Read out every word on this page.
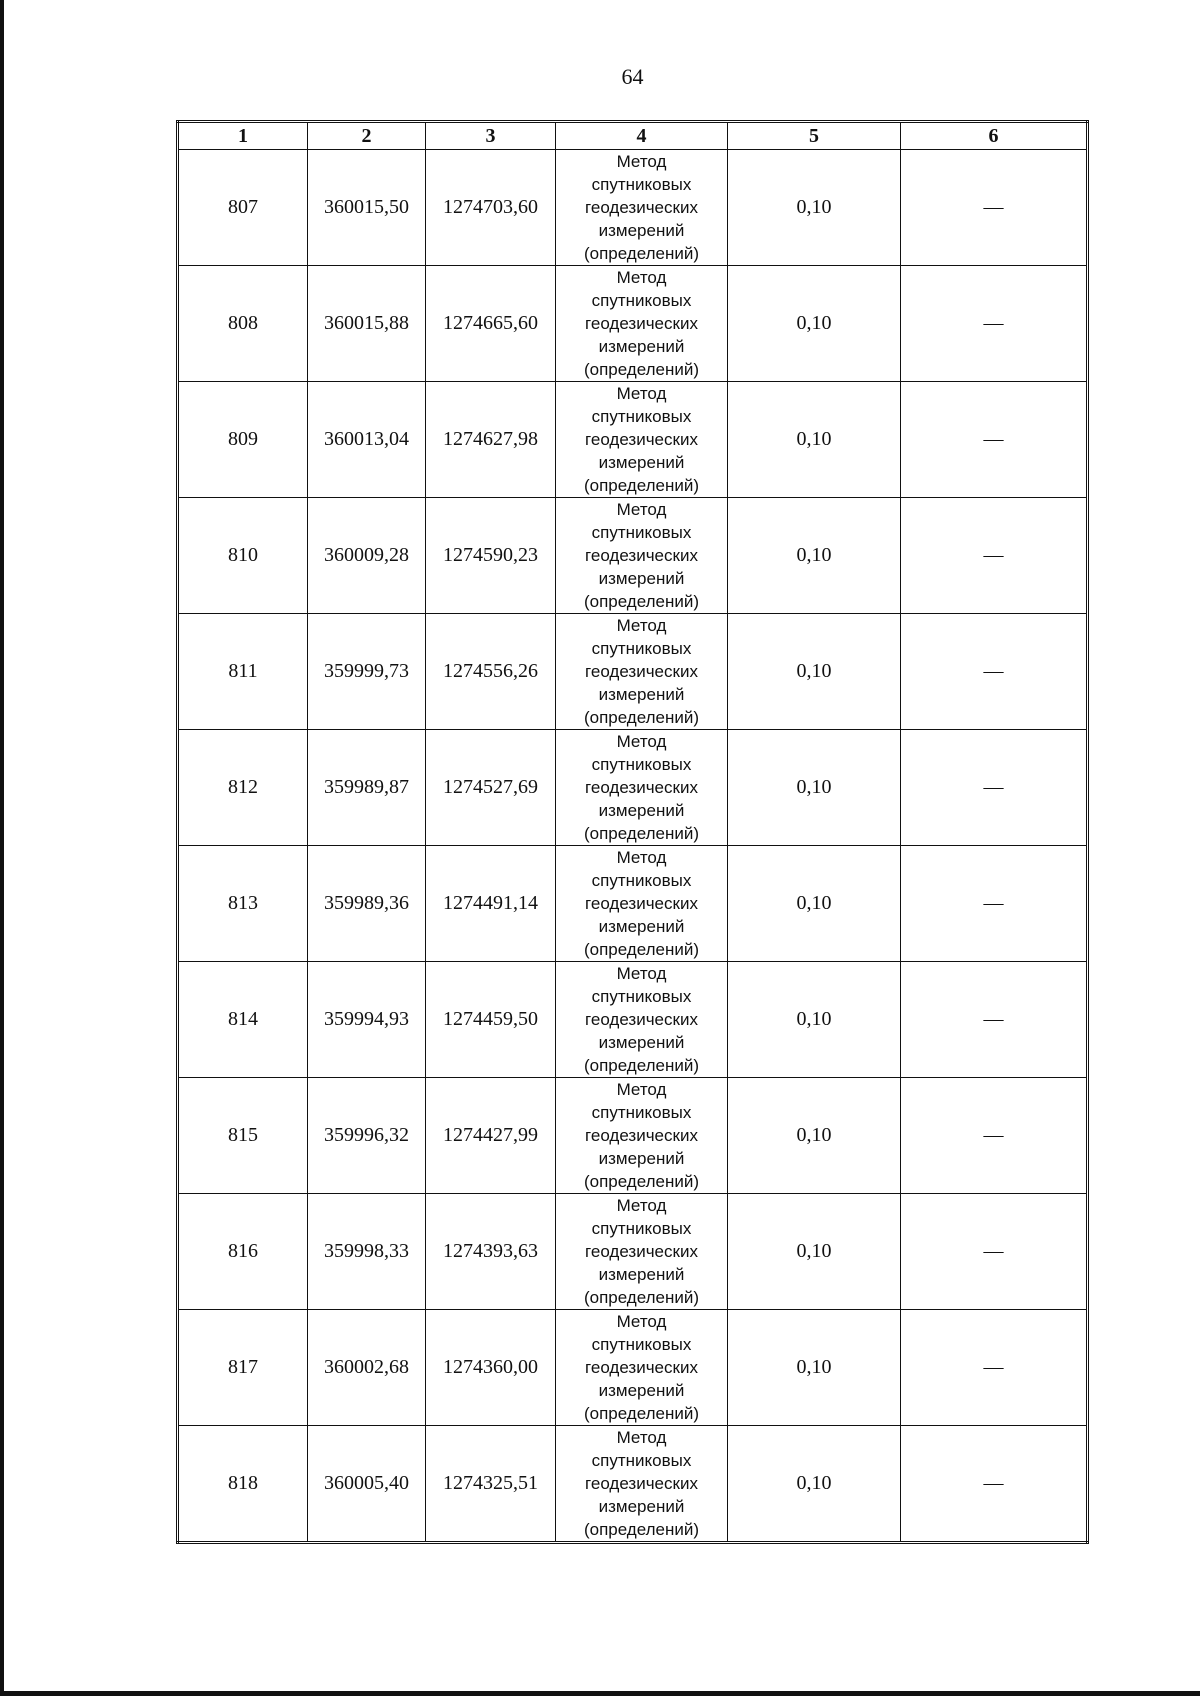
64
1	2	3	4	5	6
807	360015,50	1274703,60	Метод
спутниковых
геодезических
измерений
(определений)	0,10	—
808	360015,88	1274665,60	Метод
спутниковых
геодезических
измерений
(определений)	0,10	—
809	360013,04	1274627,98	Метод
спутниковых
геодезических
измерений
(определений)	0,10	—
810	360009,28	1274590,23	Метод
спутниковых
геодезических
измерений
(определений)	0,10	—
811	359999,73	1274556,26	Метод
спутниковых
геодезических
измерений
(определений)	0,10	—
812	359989,87	1274527,69	Метод
спутниковых
геодезических
измерений
(определений)	0,10	—
813	359989,36	1274491,14	Метод
спутниковых
геодезических
измерений
(определений)	0,10	—
814	359994,93	1274459,50	Метод
спутниковых
геодезических
измерений
(определений)	0,10	—
815	359996,32	1274427,99	Метод
спутниковых
геодезических
измерений
(определений)	0,10	—
816	359998,33	1274393,63	Метод
спутниковых
геодезических
измерений
(определений)	0,10	—
817	360002,68	1274360,00	Метод
спутниковых
геодезических
измерений
(определений)	0,10	—
818	360005,40	1274325,51	Метод
спутниковых
геодезических
измерений
(определений)	0,10	—
